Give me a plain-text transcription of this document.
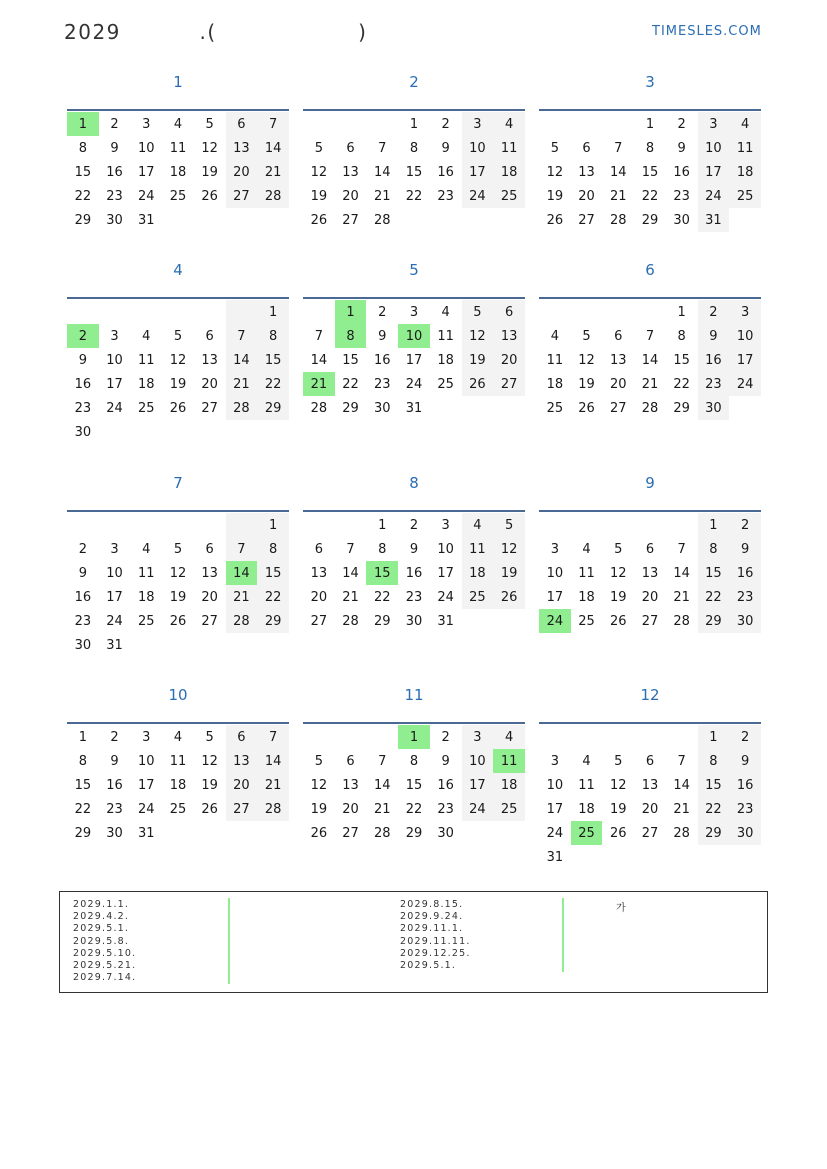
2029          .(                  )	TIMESLES.COM
1
1	2	3	4	5	6	7
8	9	10	11	12	13	14
15	16	17	18	19	20	21
22	23	24	25	26	27	28
29	30	31				
2
			1	2	3	4
5	6	7	8	9	10	11
12	13	14	15	16	17	18
19	20	21	22	23	24	25
26	27	28				
3
			1	2	3	4
5	6	7	8	9	10	11
12	13	14	15	16	17	18
19	20	21	22	23	24	25
26	27	28	29	30	31	
4
						1
2	3	4	5	6	7	8
9	10	11	12	13	14	15
16	17	18	19	20	21	22
23	24	25	26	27	28	29
30						
5
	1	2	3	4	5	6
7	8	9	10	11	12	13
14	15	16	17	18	19	20
21	22	23	24	25	26	27
28	29	30	31			
6
				1	2	3
4	5	6	7	8	9	10
11	12	13	14	15	16	17
18	19	20	21	22	23	24
25	26	27	28	29	30	
7
						1
2	3	4	5	6	7	8
9	10	11	12	13	14	15
16	17	18	19	20	21	22
23	24	25	26	27	28	29
30	31					
8
		1	2	3	4	5
6	7	8	9	10	11	12
13	14	15	16	17	18	19
20	21	22	23	24	25	26
27	28	29	30	31		
9
					1	2
3	4	5	6	7	8	9
10	11	12	13	14	15	16
17	18	19	20	21	22	23
24	25	26	27	28	29	30
10
1	2	3	4	5	6	7
8	9	10	11	12	13	14
15	16	17	18	19	20	21
22	23	24	25	26	27	28
29	30	31				
11
			1	2	3	4
5	6	7	8	9	10	11
12	13	14	15	16	17	18
19	20	21	22	23	24	25
26	27	28	29	30		
12
					1	2
3	4	5	6	7	8	9
10	11	12	13	14	15	16
17	18	19	20	21	22	23
24	25	26	27	28	29	30
31						
2029.1.1.
2029.4.2.
2029.5.1.
2029.5.8.
2029.5.10.
2029.5.21.
2029.7.14.
2029.8.15.
2029.9.24.
2029.11.1.
2029.11.11.
2029.12.25.
2029.5.1.
가
